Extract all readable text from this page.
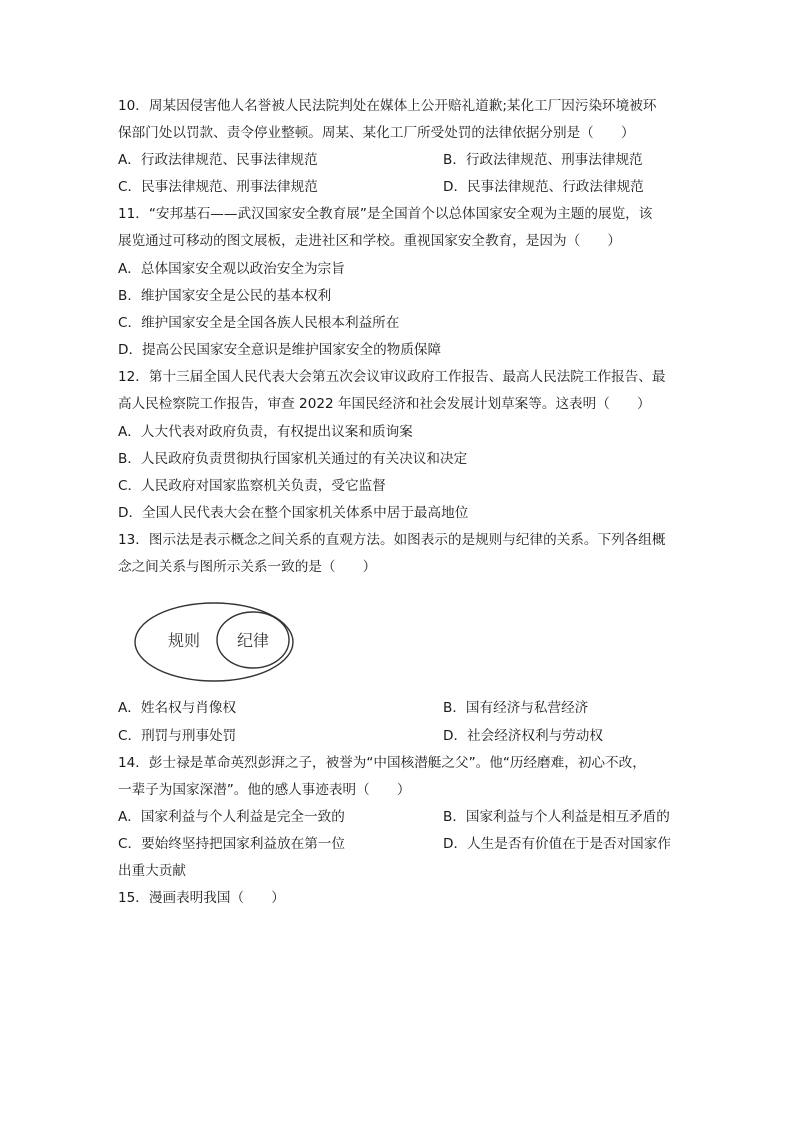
10．周某因侵害他人名誉被人民法院判处在媒体上公开赔礼道歉;某化工厂因污染环境被环
保部门处以罚款、责令停业整顿。周某、某化工厂所受处罚的法律依据分别是（　　）
A．行政法律规范、民事法律规范	B．行政法律规范、刑事法律规范
C．民事法律规范、刑事法律规范	D．民事法律规范、行政法律规范
11．“安邦基石——武汉国家安全教育展”是全国首个以总体国家安全观为主题的展览，该
展览通过可移动的图文展板，走进社区和学校。重视国家安全教育，是因为（　　）
A．总体国家安全观以政治安全为宗旨
B．维护国家安全是公民的基本权利
C．维护国家安全是全国各族人民根本利益所在
D．提高公民国家安全意识是维护国家安全的物质保障
12．第十三届全国人民代表大会第五次会议审议政府工作报告、最高人民法院工作报告、最
高人民检察院工作报告，审查 2022 年国民经济和社会发展计划草案等。这表明（　　）
A．人大代表对政府负责，有权提出议案和质询案
B．人民政府负责贯彻执行国家机关通过的有关决议和决定
C．人民政府对国家监察机关负责，受它监督
D．全国人民代表大会在整个国家机关体系中居于最高地位
13．图示法是表示概念之间关系的直观方法。如图表示的是规则与纪律的关系。下列各组概
念之间关系与图所示关系一致的是（　　）
规则 纪律
A．姓名权与肖像权	B．国有经济与私营经济
C．刑罚与刑事处罚	D．社会经济权利与劳动权
14．彭士禄是革命英烈彭湃之子，被誉为“中国核潜艇之父”。他“历经磨难，初心不改，
一辈子为国家深潜”。他的感人事迹表明（　　）
A．国家利益与个人利益是完全一致的	B．国家利益与个人利益是相互矛盾的
C．要始终坚持把国家利益放在第一位	D．人生是否有价值在于是否对国家作
出重大贡献
15．漫画表明我国（　　）
